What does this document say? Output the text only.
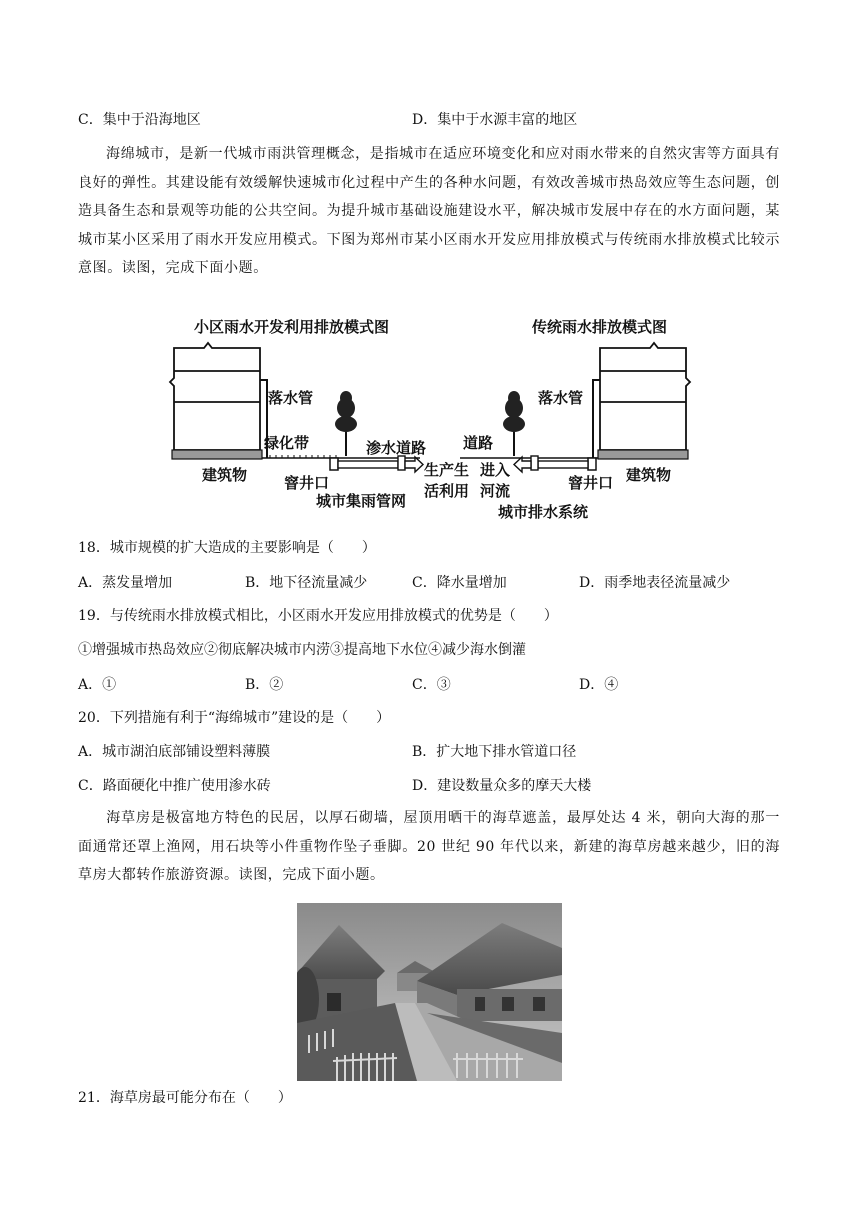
C．集中于沿海地区	D．集中于水源丰富的地区
海绵城市，是新一代城市雨洪管理概念，是指城市在适应环境变化和应对雨水带来的自然灾害等方面具有良好的弹性。其建设能有效缓解快速城市化过程中产生的各种水问题，有效改善城市热岛效应等生态问题，创造具备生态和景观等功能的公共空间。为提升城市基础设施建设水平，解决城市发展中存在的水方面问题，某城市某小区采用了雨水开发应用模式。下图为郑州市某小区雨水开发应用排放模式与传统雨水排放模式比较示意图。读图，完成下面小题。
小区雨水开发利用排放模式图	传统雨水排放模式图
落水管	落水管
绿化带	渗水道路 道路
建筑物	建筑物
窨井口	窨井口
城市集雨管网
生产生
活利用
进入
河流
城市排水系统
18．城市规模的扩大造成的主要影响是（　　）
A．蒸发量增加	B．地下径流量减少	C．降水量增加	D．雨季地表径流量减少
19．与传统雨水排放模式相比，小区雨水开发应用排放模式的优势是（　　）
①增强城市热岛效应②彻底解决城市内涝③提高地下水位④减少海水倒灌
A．①	B．②	C．③	D．④
20．下列措施有利于“海绵城市”建设的是（　　）
A．城市湖泊底部铺设塑料薄膜	B．扩大地下排水管道口径
C．路面硬化中推广使用渗水砖	D．建设数量众多的摩天大楼
海草房是极富地方特色的民居，以厚石砌墙，屋顶用晒干的海草遮盖，最厚处达 4 米，朝向大海的那一面通常还罩上渔网，用石块等小件重物作坠子垂脚。20 世纪 90 年代以来，新建的海草房越来越少，旧的海草房大都转作旅游资源。读图，完成下面小题。
21．海草房最可能分布在（　　）
